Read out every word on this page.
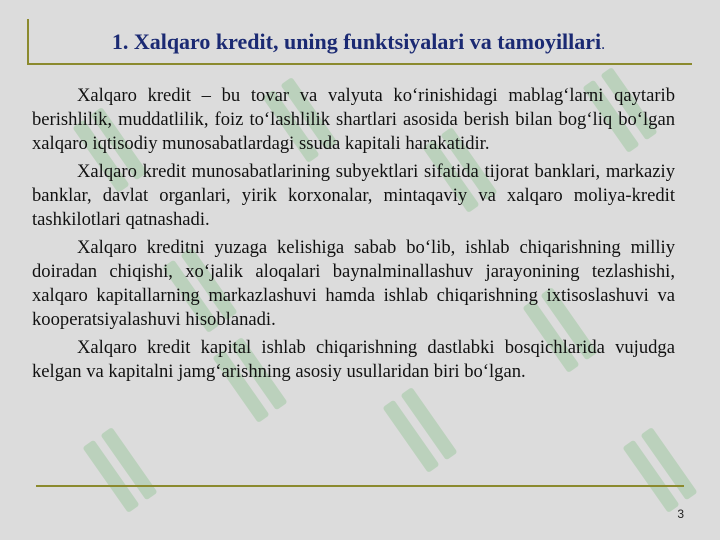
1. Xalqaro kredit, uning funktsiyalari va tamoyillari.

Xalqaro kredit – bu tovar va valyuta koʻrinishidagi mablagʻlarni qaytarib berishlilik, muddatlilik, foiz toʻlashlilik shartlari asosida berish bilan bogʻliq boʻlgan xalqaro iqtisodiy munosabatlardagi ssuda kapitali harakatidir.

Xalqaro kredit munosabatlarining subyektlari sifatida tijorat banklari, markaziy banklar, davlat organlari, yirik korxonalar, mintaqaviy va xalqaro moliya-kredit tashkilotlari qatnashadi.

Xalqaro kreditni yuzaga kelishiga sabab boʻlib, ishlab chiqarishning milliy doiradan chiqishi, xoʻjalik aloqalari baynalminallashuv jarayonining tezlashishi, xalqaro kapitallarning markazlashuvi hamda ishlab chiqarishning ixtisoslashuvi va kooperatsiyalashuvi hisoblanadi.

Xalqaro kredit kapital ishlab chiqarishning dastlabki bosqichlarida vujudga kelgan va kapitalni jamgʻarishning asosiy usullaridan biri boʻlgan.

3
